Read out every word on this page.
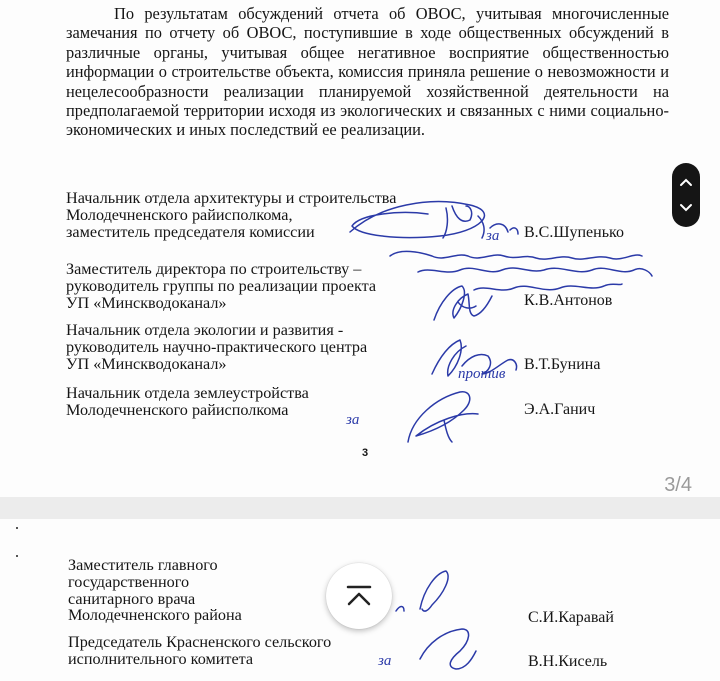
По результатам обсуждений отчета об ОВОС, учитывая многочисленные замечания по отчету об ОВОС, поступившие в ходе общественных обсуждений в различные органы, учитывая общее негативное восприятие общественностью информации о строительстве объекта, комиссия приняла решение о невозможности и нецелесообразности реализации планируемой хозяйственной деятельности на предполагаемой территории исходя из экологических и связанных с ними социально-экономических и иных последствий ее реализации.

Начальник отдела архитектуры и строительства
Молодечненского райисполкома,
заместитель председателя комиссии	В.С.Шупенько
Заместитель директора по строительству –
руководитель группы по реализации проекта
УП «Минскводоканал»	К.В.Антонов
Начальник отдела экологии и развития -
руководитель научно-практического центра
УП «Минскводоканал»	В.Т.Бунина
Начальник отдела землеустройства
Молодечненского райисполкома	Э.А.Ганич
3
за
против
за
3/4
Заместитель главного
государственного
санитарного врача
Молодечненского района	С.И.Каравай
Председатель Красненского сельского
исполнительного комитета	В.Н.Кисель
за
